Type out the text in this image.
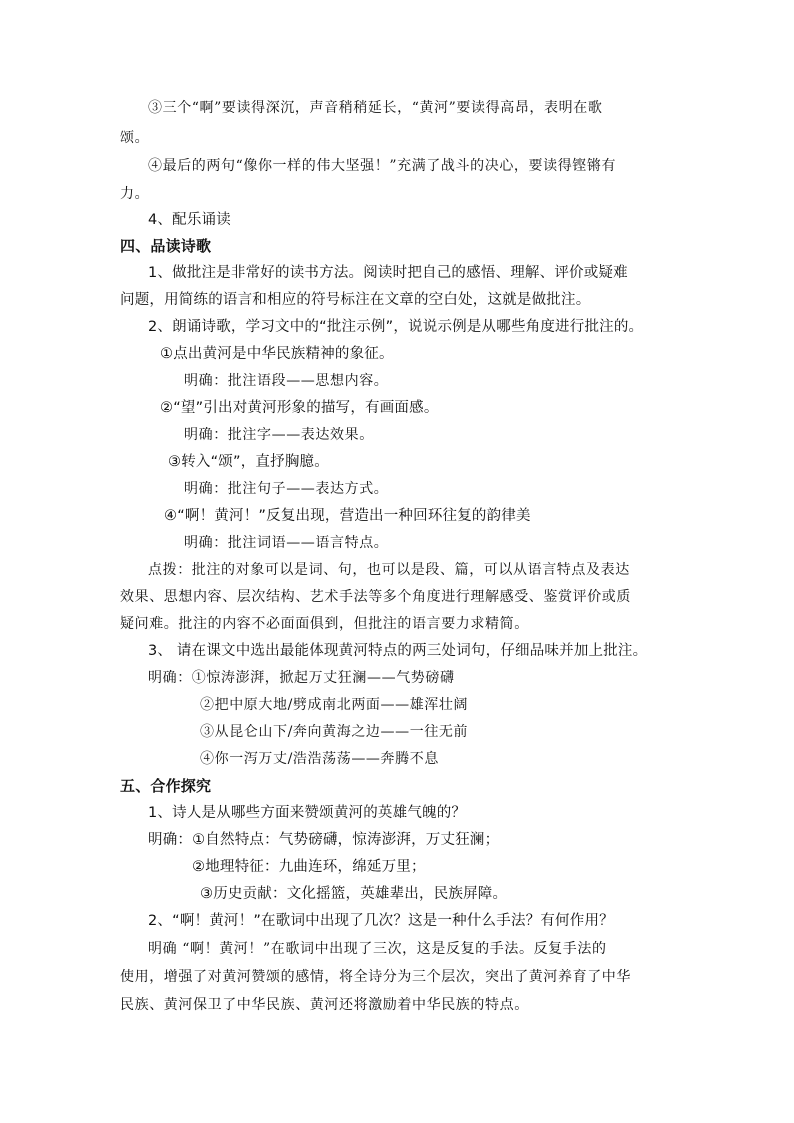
③三个“啊”要读得深沉，声音稍稍延长，“黄河”要读得高昂，表明在歌
颂。
④最后的两句“像你一样的伟大坚强！”充满了战斗的决心，要读得铿锵有
力。
4、配乐诵读
四、品读诗歌
1、做批注是非常好的读书方法。阅读时把自己的感悟、理解、评价或疑难
问题，用简练的语言和相应的符号标注在文章的空白处，这就是做批注。
2、朗诵诗歌，学习文中的“批注示例”，说说示例是从哪些角度进行批注的。
①点出黄河是中华民族精神的象征。
明确：批注语段——思想内容。
②“望”引出对黄河形象的描写，有画面感。
明确：批注字——表达效果。
③转入“颂”，直抒胸臆。
明确：批注句子——表达方式。
④“啊！黄河！”反复出现，营造出一种回环往复的韵律美
明确：批注词语——语言特点。
点拨：批注的对象可以是词、句，也可以是段、篇，可以从语言特点及表达
效果、思想内容、层次结构、艺术手法等多个角度进行理解感受、鉴赏评价或质
疑问难。批注的内容不必面面俱到，但批注的语言要力求精简。
3、 请在课文中选出最能体现黄河特点的两三处词句，仔细品味并加上批注。
明确：①惊涛澎湃，掀起万丈狂澜——气势磅礴
②把中原大地/劈成南北两面——雄浑壮阔
③从昆仑山下/奔向黄海之边——一往无前
④你一泻万丈/浩浩荡荡——奔腾不息
五、合作探究
1、诗人是从哪些方面来赞颂黄河的英雄气魄的？
明确：①自然特点：气势磅礴，惊涛澎湃，万丈狂澜；
②地理特征：九曲连环，绵延万里；
③历史贡献：文化摇篮，英雄辈出，民族屏障。
2、“啊！黄河！”在歌词中出现了几次？这是一种什么手法？有何作用？
明确 “啊！黄河！”在歌词中出现了三次，这是反复的手法。反复手法的
使用，增强了对黄河赞颂的感情，将全诗分为三个层次，突出了黄河养育了中华
民族、黄河保卫了中华民族、黄河还将激励着中华民族的特点。
